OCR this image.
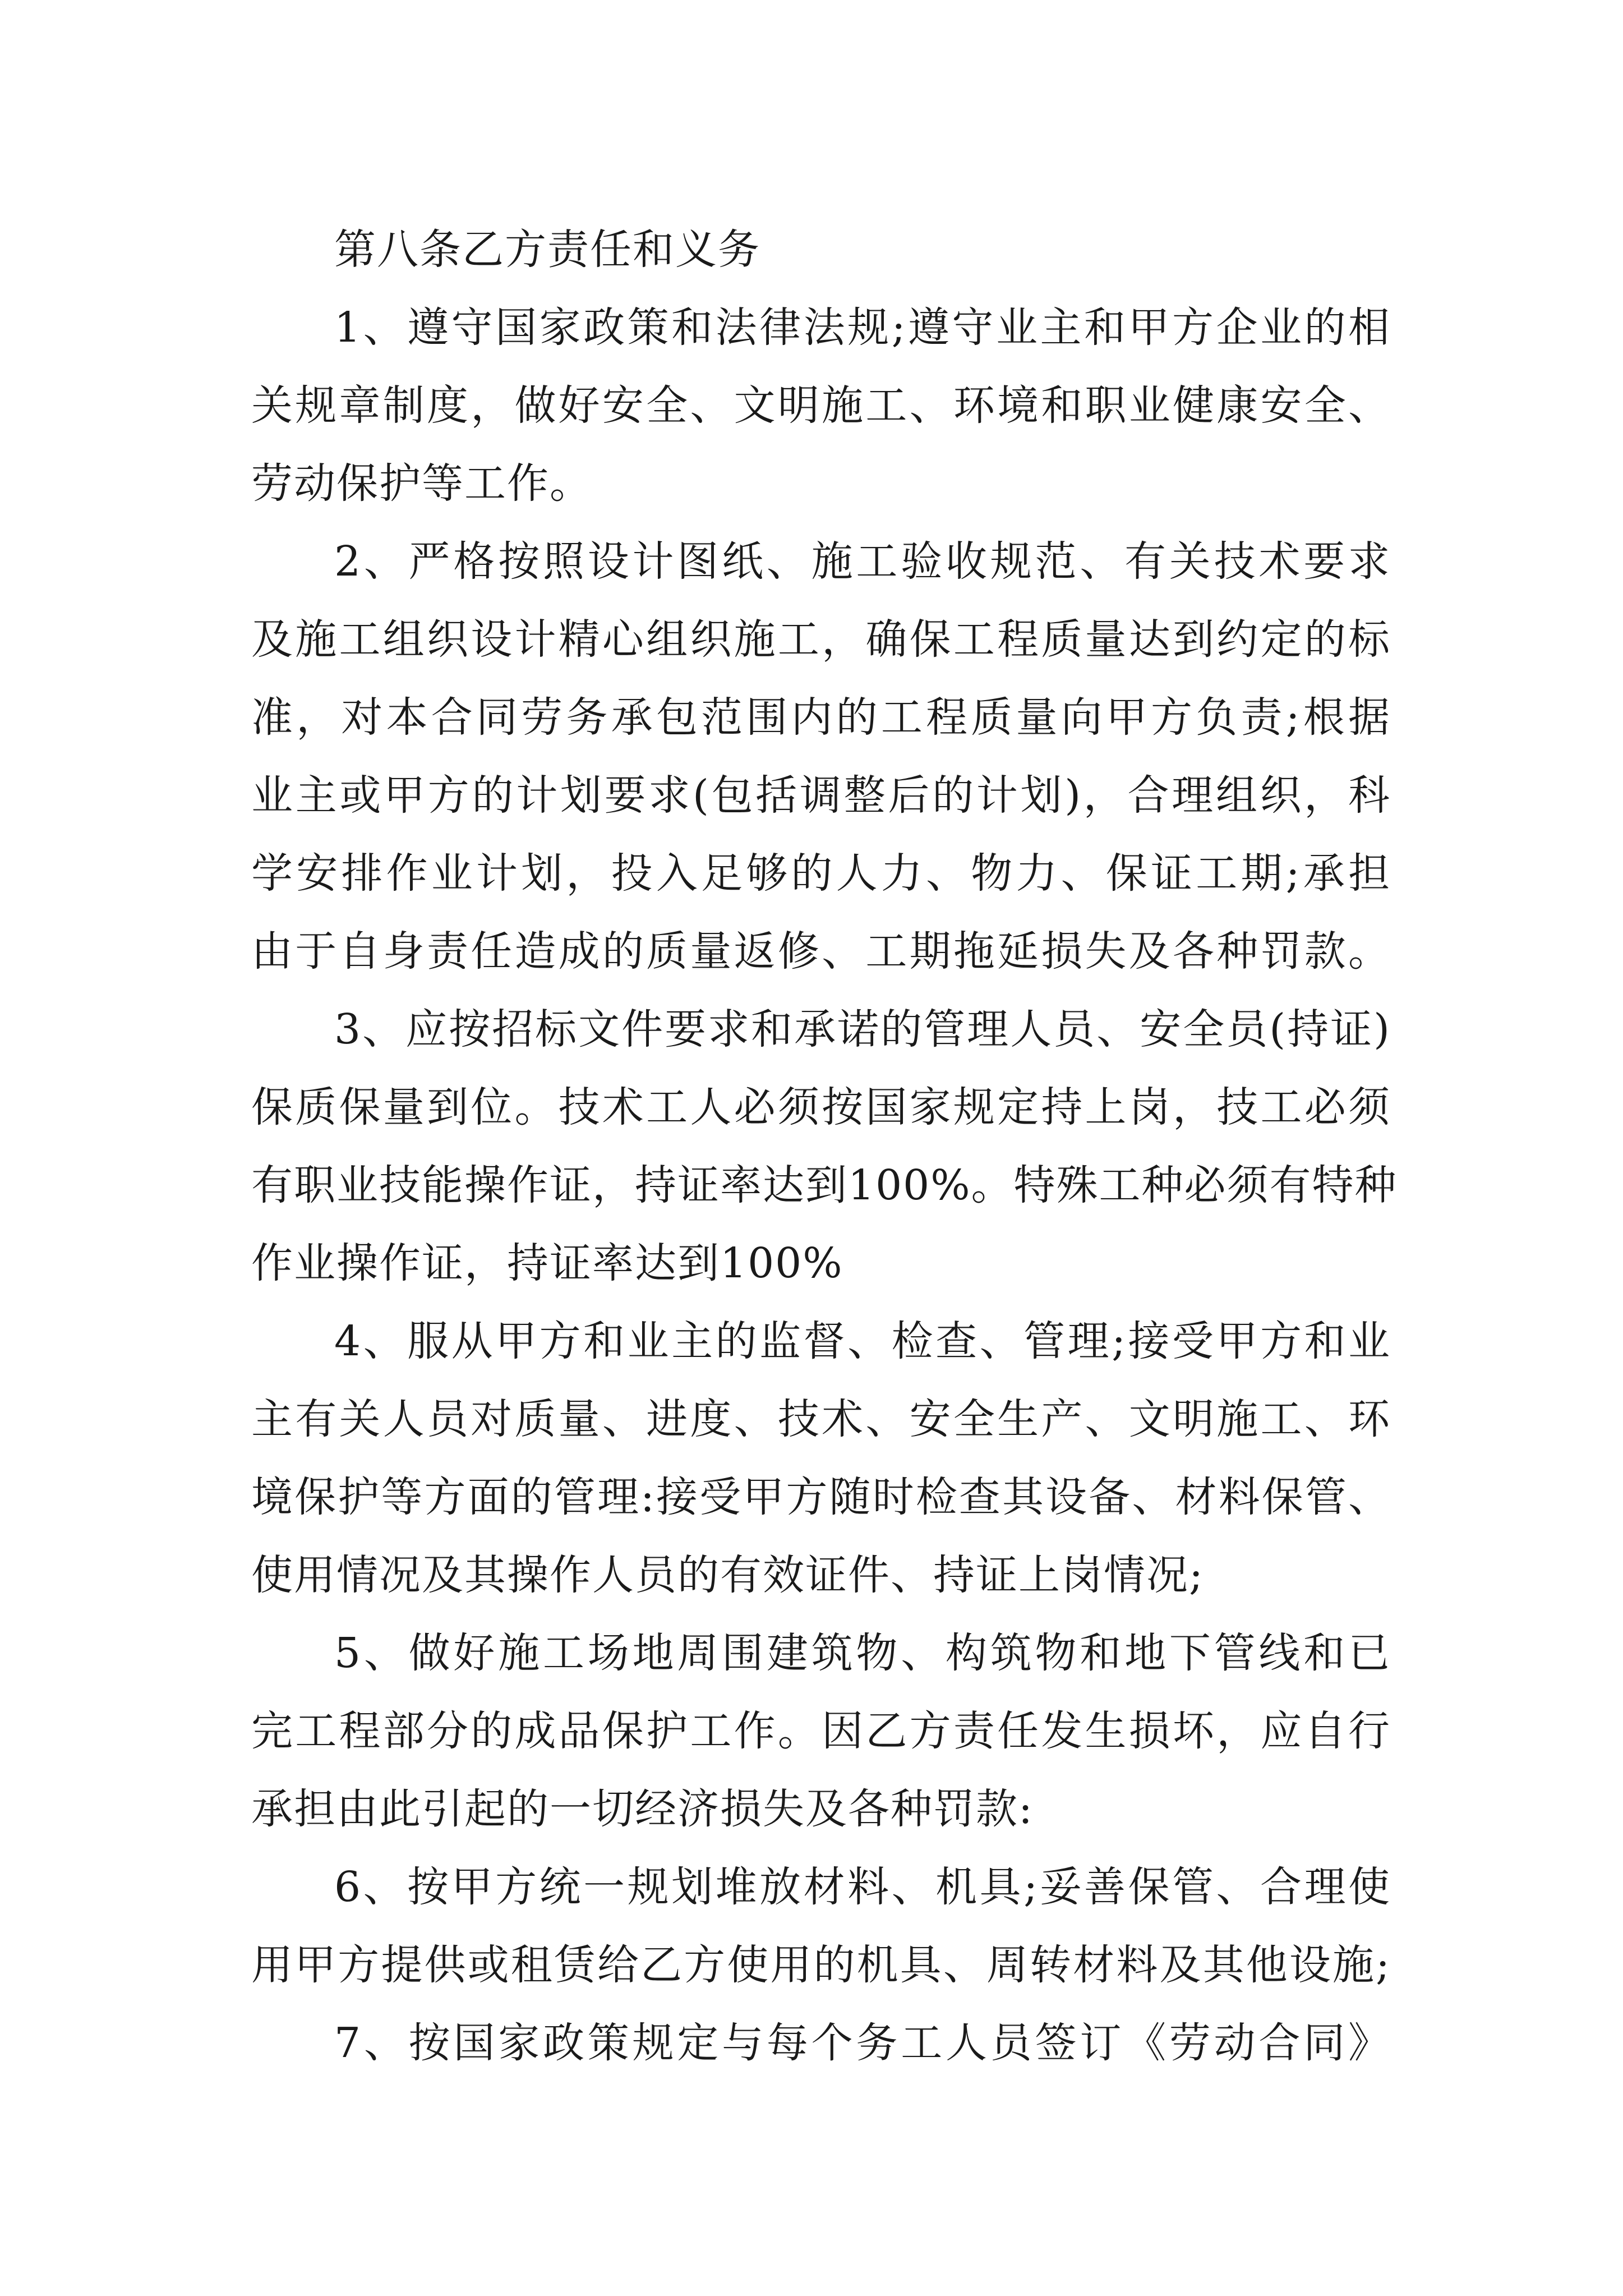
第八条乙方责任和义务
1、遵守国家政策和法律法规;遵守业主和甲方企业的相
关规章制度，做好安全、文明施工、环境和职业健康安全、
劳动保护等工作。
2、严格按照设计图纸、施工验收规范、有关技术要求
及施工组织设计精心组织施工，确保工程质量达到约定的标
准，对本合同劳务承包范围内的工程质量向甲方负责;根据
业主或甲方的计划要求(包括调整后的计划)，合理组织，科
学安排作业计划，投入足够的人力、物力、保证工期;承担
由于自身责任造成的质量返修、工期拖延损失及各种罚款。
3、应按招标文件要求和承诺的管理人员、安全员(持证)
保质保量到位。技术工人必须按国家规定持上岗，技工必须
有职业技能操作证，持证率达到100%。特殊工种必须有特种
作业操作证，持证率达到100%
4、服从甲方和业主的监督、检查、管理;接受甲方和业
主有关人员对质量、进度、技术、安全生产、文明施工、环
境保护等方面的管理:接受甲方随时检查其设备、材料保管、
使用情况及其操作人员的有效证件、持证上岗情况;
5、做好施工场地周围建筑物、构筑物和地下管线和已
完工程部分的成品保护工作。因乙方责任发生损坏，应自行
承担由此引起的一切经济损失及各种罚款:
6、按甲方统一规划堆放材料、机具;妥善保管、合理使
用甲方提供或租赁给乙方使用的机具、周转材料及其他设施;
7、按国家政策规定与每个务工人员签订《劳动合同》
